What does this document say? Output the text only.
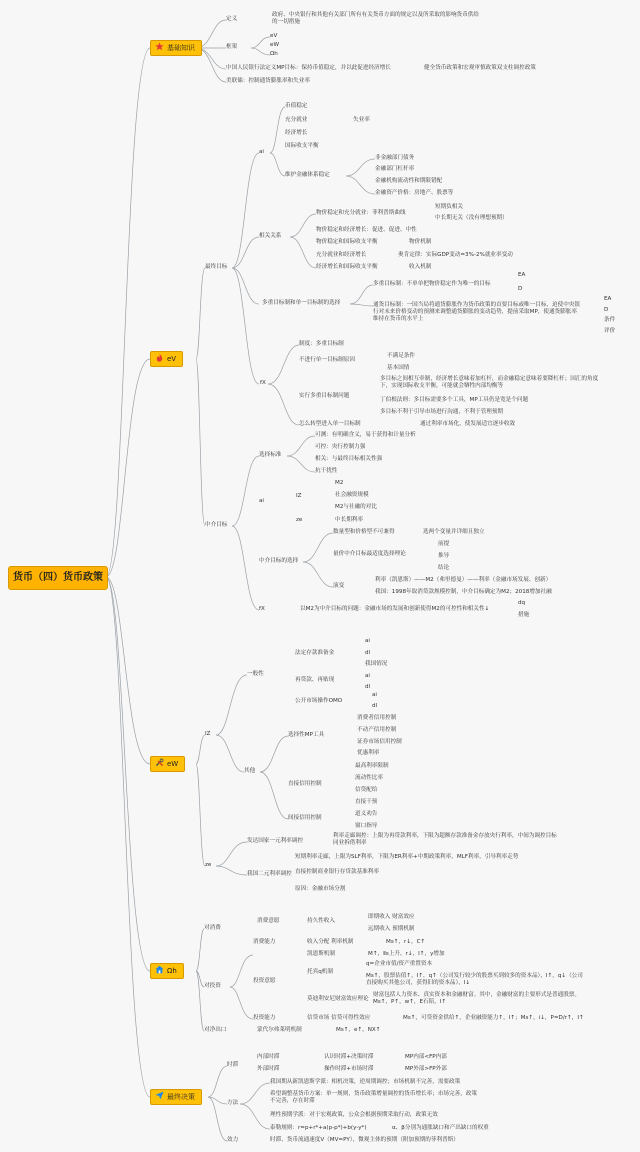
货币（四）货币政策
基础知识
eV
eW
Ωh
最终决策
定义
政府、中央银行和其他有关部门所有有关货币方面的规定以及所采取的影响货币供给的一切措施
框架
eV
eW
Ωh
中国人民银行法定义MP目标：保持币值稳定，并以此促进经济增长	健全货币政策和宏观审慎政策双支柱调控政策
美联储：控制通货膨胀率和失业率
最终目标
ai
币值稳定
充分就业	失业率
经济增长
国际收支平衡
维护金融体系稳定
非金融部门债务
金融部门杠杆率
金融机构流动性和期限错配
金融资产价格：房地产、股票等
相关关系
物价稳定和充分就业：菲利普斯曲线
短期负相关
中长期无关（没有理想预期）
物价稳定和经济增长：促进、促进、中性
物价稳定和国际收支平衡	物价机制
充分就业和经济增长	奥肯定律：实际GDP变动=3%-2%就业率变动
经济增长和国际收支平衡	收入机制
多重目标制和单一目标制的选择
多重目标制：不单单把物价稳定作为唯一的目标
EA
D
通货目标制：一国当局将通货膨胀作为货币政策的首要目标或唯一目标，迫使中央银行对未来价格变动的预测来调整通货膨胀的变动趋势，提前采取MP，使通货膨胀率维持在货币的水平上
EA
D
条件
评价
fX
制度：多重目标制
不进行单一目标制原因
不满足条件
基本国情
实行多重目标制问题
多目标之间相互牵制，经济增长意味着加杠杆，而金融稳定意味着要降杠杆；国汇的角度下，实现国际收支平衡，可能就会牺牲内部均衡等
丁伯根法则：多目标需要多个工具，MP工具仍是宽是个问题
多目标不利于引导市场进行沟通，不利于管理预期
怎么转型进入单一目标制	通过利率市场化，使发展适宜逐步收敛
中介目标
选择标准
可测：有明确含义，易于获得和计量分析
可控：央行控制力强
相关：与最终目标相关性强
抗干扰性
ai
IZ
M2
社会融资规模
M2与社融的对比
ze	中长期利率
中介目标的选择
数量型和价格型不可兼得	选两个变量并详细且独立
量价中介目标最适度选择理论
前提
推导
结论
演变
利率（凯恩斯）——M2（弗里德曼）——利率（金融市场发展、创新）
我国：1998年取消贷款规模控制，中介目标确定为M2；2018增加社融
fX	以M2为中介目标的问题：金融市场的发展和创新使得M2的可控性和相关性↓
dq
措施
IZ
一般性
法定存款准备金
ai
dl
我国情况
再贷款、再贴现
ai
dl
公开市场操作OMO
ai
dl
其他
选择性MP工具
消费者信用控制
不动产信用控制
证券市场信用控制
优惠利率
直接信用控制
最高利率限制
流动性比率
信贷配给
直接干预
间接信用控制
道义劝告
窗口指导
ze
发达国家一元利率调控
利率走廊调控：上限为再贷款利率，下限为超额存款准备金存放央行利率，中间为调控目标同业拆借利率
我国二元利率调控
短期利率走廊，上限为SLF利率，下限为ER利率+中期政策利率，MLF利率，引导利率走势
直接控制商业银行存贷款基准利率
原因：金融市场分割
对消费
消费意愿	持久性收入
即期收入 财富效应
远期收入 预期机制
消费能力	收入分配 利率机制	Ms↑，r↓，C↑
对投资
投资意愿
凯恩斯机制	M↑，Ⅱs上升，r↓，I↑，y增加
托宾q机制
q=企业市值/资产重置资本
Ms↑，股票估值↑，I↑，q↑（公司发行较少的股票买到较多的资本品），I↑，q↓（公司直接购买其他公司，获得旧的资本品），I↓
莫迪利安尼财富效应理论
财富包括人力资本、真实资本和金融财富。其中，金融财富的主要形式是普通股票。Ms↑，P↑，w↑，E石陪，I↑
投资能力	信贷市场 信贷可得性效应	Ms↑，可贷资金供给↑，企业融资能力↑，I↑；Ms↑，i↓，P=D/r↑，I↑
对净出口	蒙代尔弗莱明机制	Ms↑，e↑，NX↑
时滞
内部时滞	认识时滞+决策时滞	MP内部<FP内部
外部时滞	操作时滞+市场时滞	MP外部>FP外部
方法
我国期从新凯恩斯学派：相机决策，逆周期调控；市场机制不完善，需要政策
希望调整基货币方案：单一规则，货币政策增量调控的货币增长率；市场完善，政策不完善，存在时滞
理性预期学派：对于宏观政策，公众会根据预期采取行动，政策无效
泰勒规则：r=p+r*+a(p-p*)+b(y-y*)	α、β分别为通胀缺口和产出缺口的权重
效力	时滞、货币流通速度V（MV=PY），微观主体的预期（附加预期的菲利普斯）
